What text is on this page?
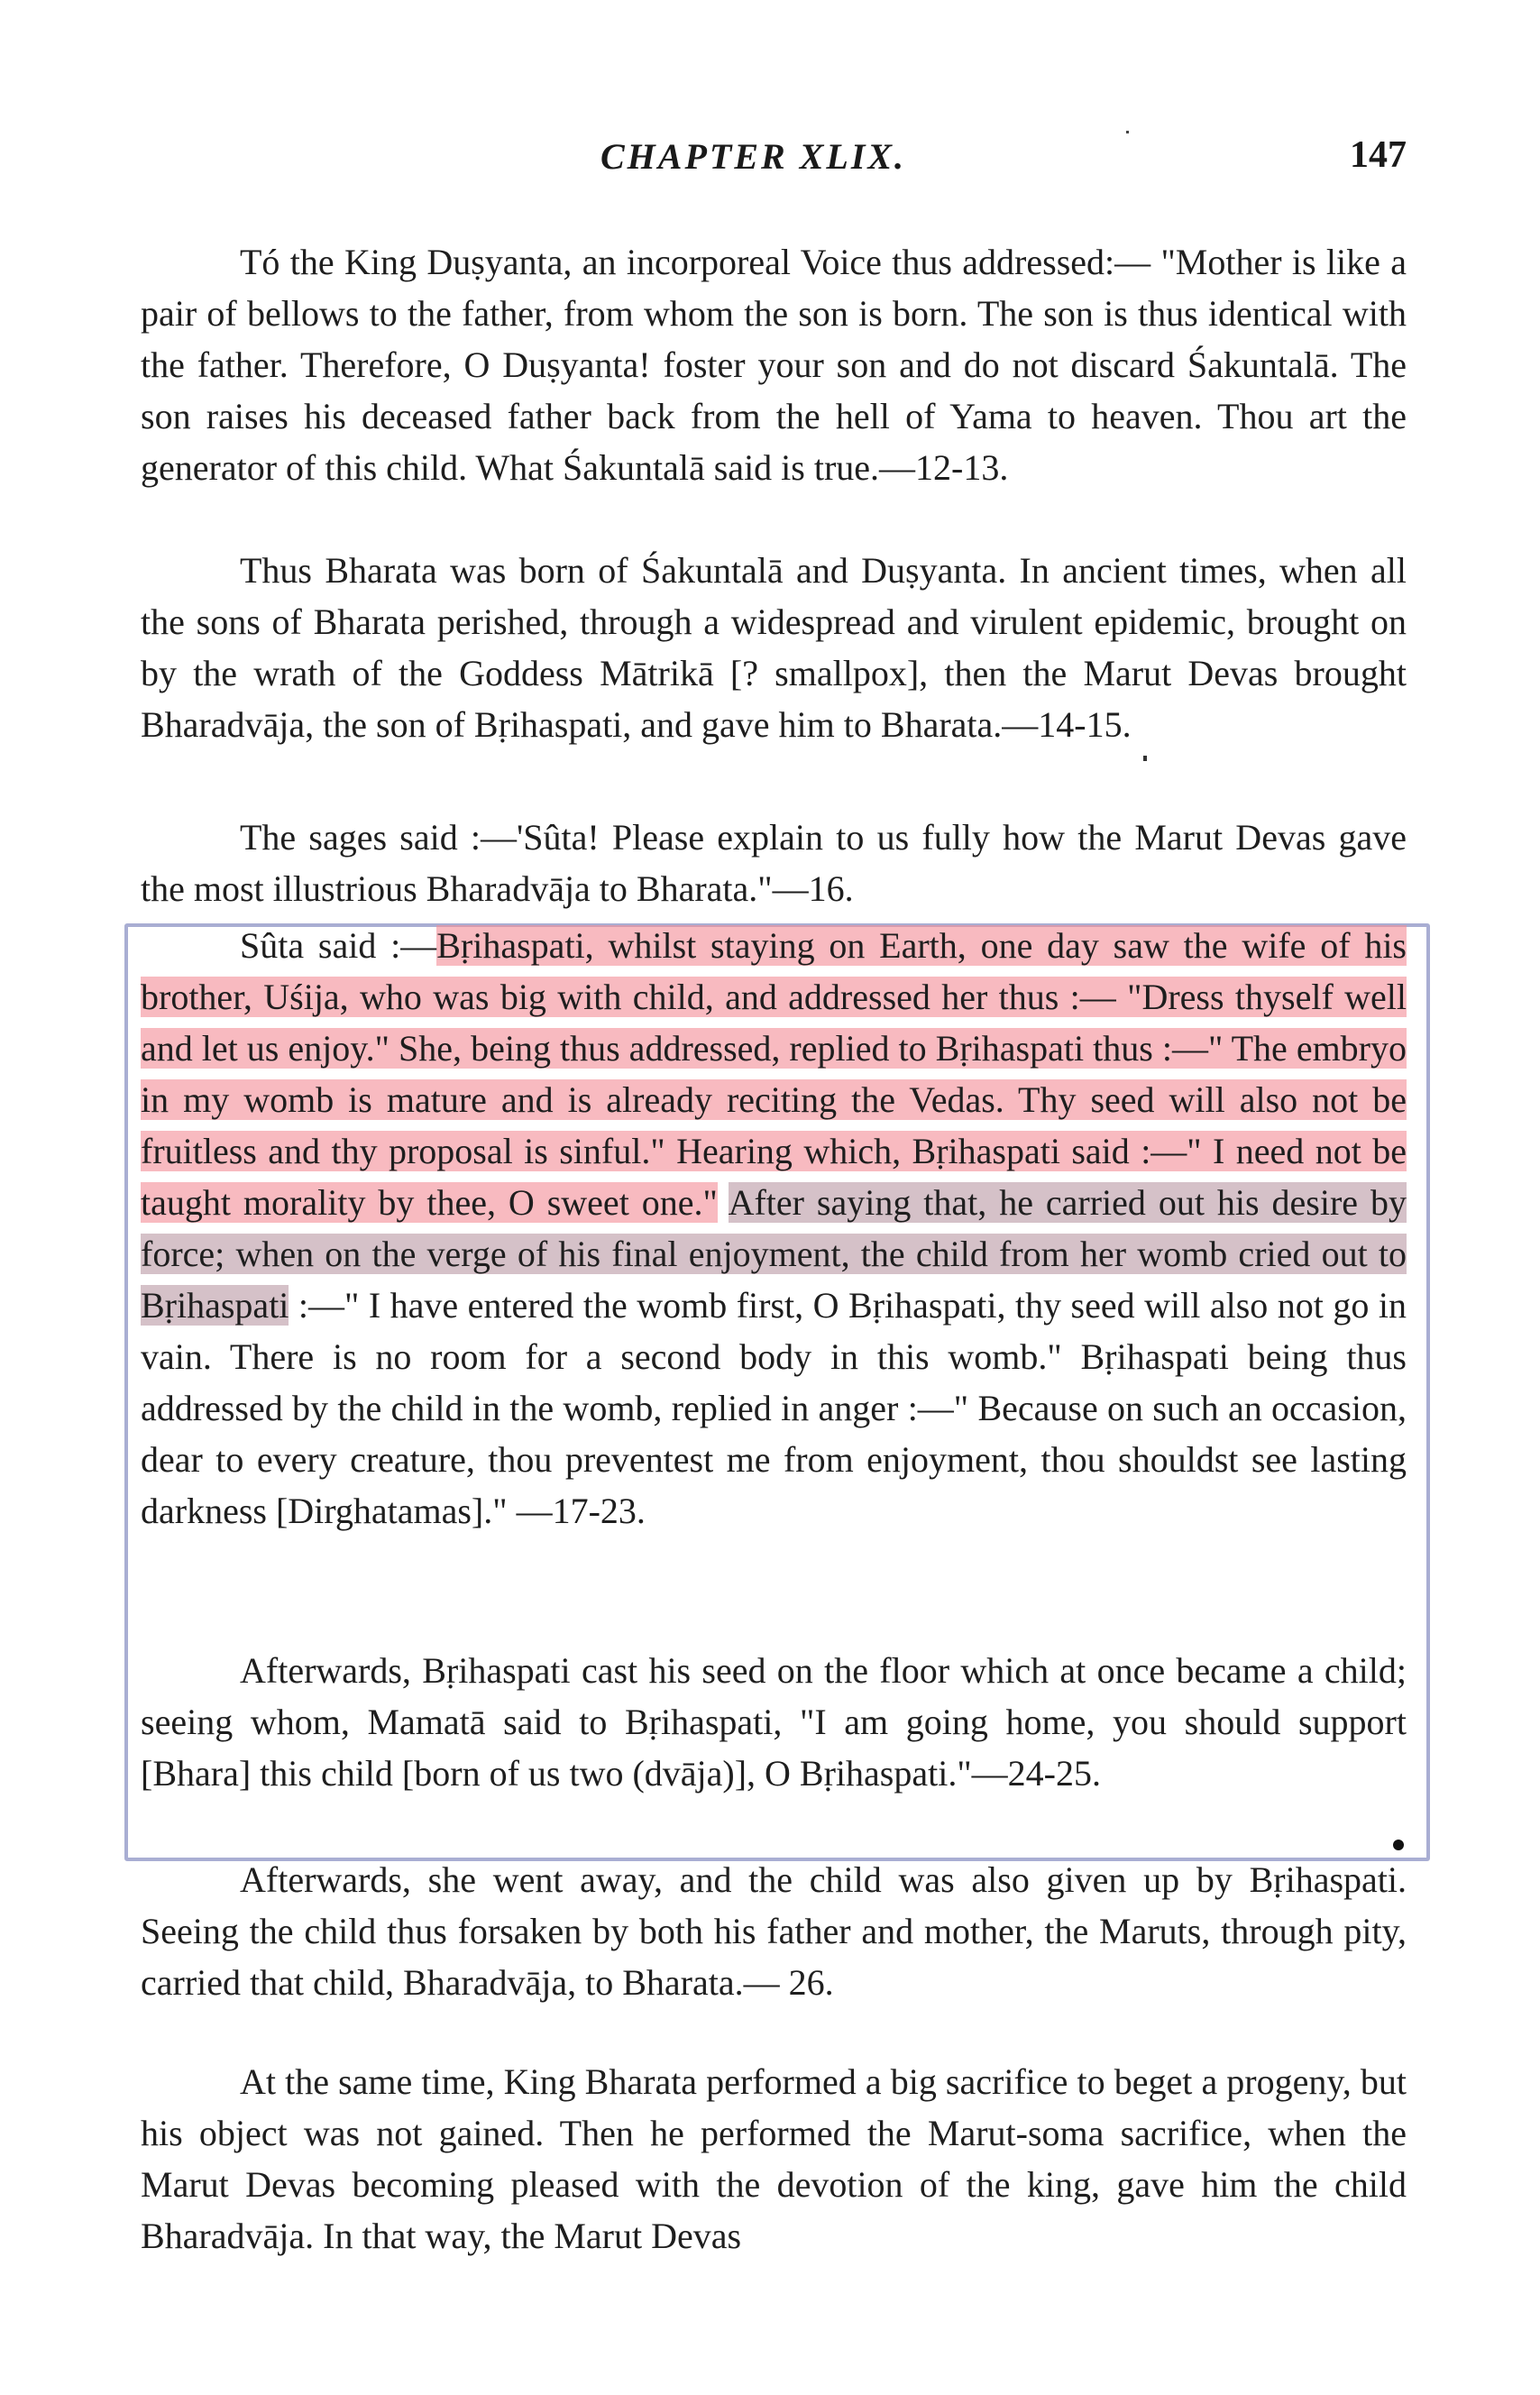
CHAPTER XLIX.	147

Tó the King Duṣyanta, an incorporeal Voice thus addressed:— "Mother is like a pair of bellows to the father, from whom the son is born. The son is thus identical with the father. Therefore, O Duṣyanta! foster your son and do not discard Śakuntalā. The son raises his deceased father back from the hell of Yama to heaven. Thou art the generator of this child. What Śakuntalā said is true.—12-13.

Thus Bharata was born of Śakuntalā and Duṣyanta. In ancient times, when all the sons of Bharata perished, through a widespread and virulent epidemic, brought on by the wrath of the Goddess Mātrikā [? smallpox], then the Marut Devas brought Bharadvāja, the son of Bṛihaspati, and gave him to Bharata.—14-15.

The sages said :—'Sûta! Please explain to us fully how the Marut Devas gave the most illustrious Bharadvāja to Bharata."—16.

Sûta said :—Bṛihaspati, whilst staying on Earth, one day saw the wife of his brother, Uśija, who was big with child, and addressed her thus :— "Dress thyself well and let us enjoy." She, being thus addressed, replied to Bṛihaspati thus :—" The embryo in my womb is mature and is already reciting the Vedas. Thy seed will also not be fruitless and thy proposal is sinful." Hearing which, Bṛihaspati said :—" I need not be taught morality by thee, O sweet one." After saying that, he carried out his desire by force; when on the verge of his final enjoyment, the child from her womb cried out to Bṛihaspati :—" I have entered the womb first, O Bṛihaspati, thy seed will also not go in vain. There is no room for a second body in this womb." Bṛihaspati being thus addressed by the child in the womb, replied in anger :—" Because on such an occasion, dear to every creature, thou preventest me from enjoyment, thou shouldst see lasting darkness [Dirghatamas]." —17-23.

Afterwards, Bṛihaspati cast his seed on the floor which at once became a child; seeing whom, Mamatā said to Bṛihaspati, "I am going home, you should support [Bhara] this child [born of us two (dvāja)], O Bṛihaspati."—24-25.

Afterwards, she went away, and the child was also given up by Bṛihaspati. Seeing the child thus forsaken by both his father and mother, the Maruts, through pity, carried that child, Bharadvāja, to Bharata.— 26.

At the same time, King Bharata performed a big sacrifice to beget a progeny, but his object was not gained. Then he performed the Marut-soma sacrifice, when the Marut Devas becoming pleased with the devotion of the king, gave him the child Bharadvāja. In that way, the Marut Devas
